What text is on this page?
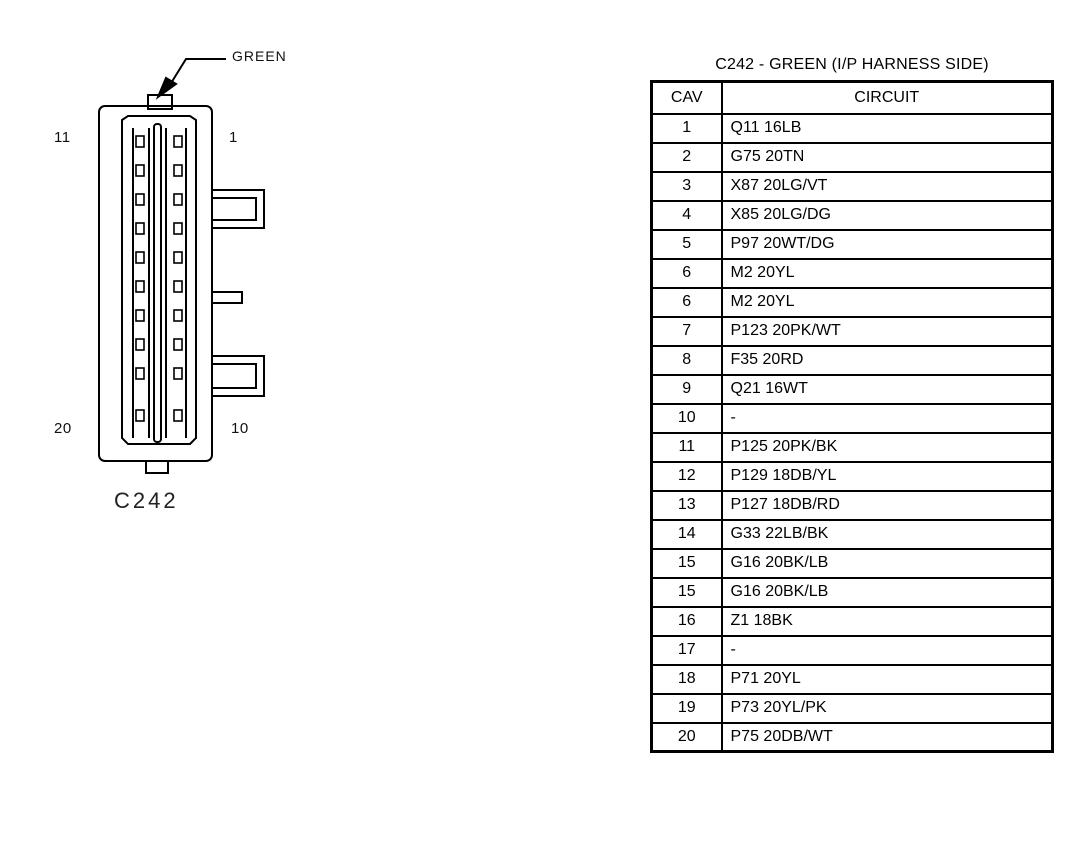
GREEN
11	1
20	10
C242
C242 - GREEN (I/P HARNESS SIDE)
CAV	CIRCUIT
1	Q11 16LB
2	G75 20TN
3	X87 20LG/VT
4	X85 20LG/DG
5	P97 20WT/DG
6	M2 20YL
6	M2 20YL
7	P123 20PK/WT
8	F35 20RD
9	Q21 16WT
10	-
11	P125 20PK/BK
12	P129 18DB/YL
13	P127 18DB/RD
14	G33 22LB/BK
15	G16 20BK/LB
15	G16 20BK/LB
16	Z1 18BK
17	-
18	P71 20YL
19	P73 20YL/PK
20	P75 20DB/WT
